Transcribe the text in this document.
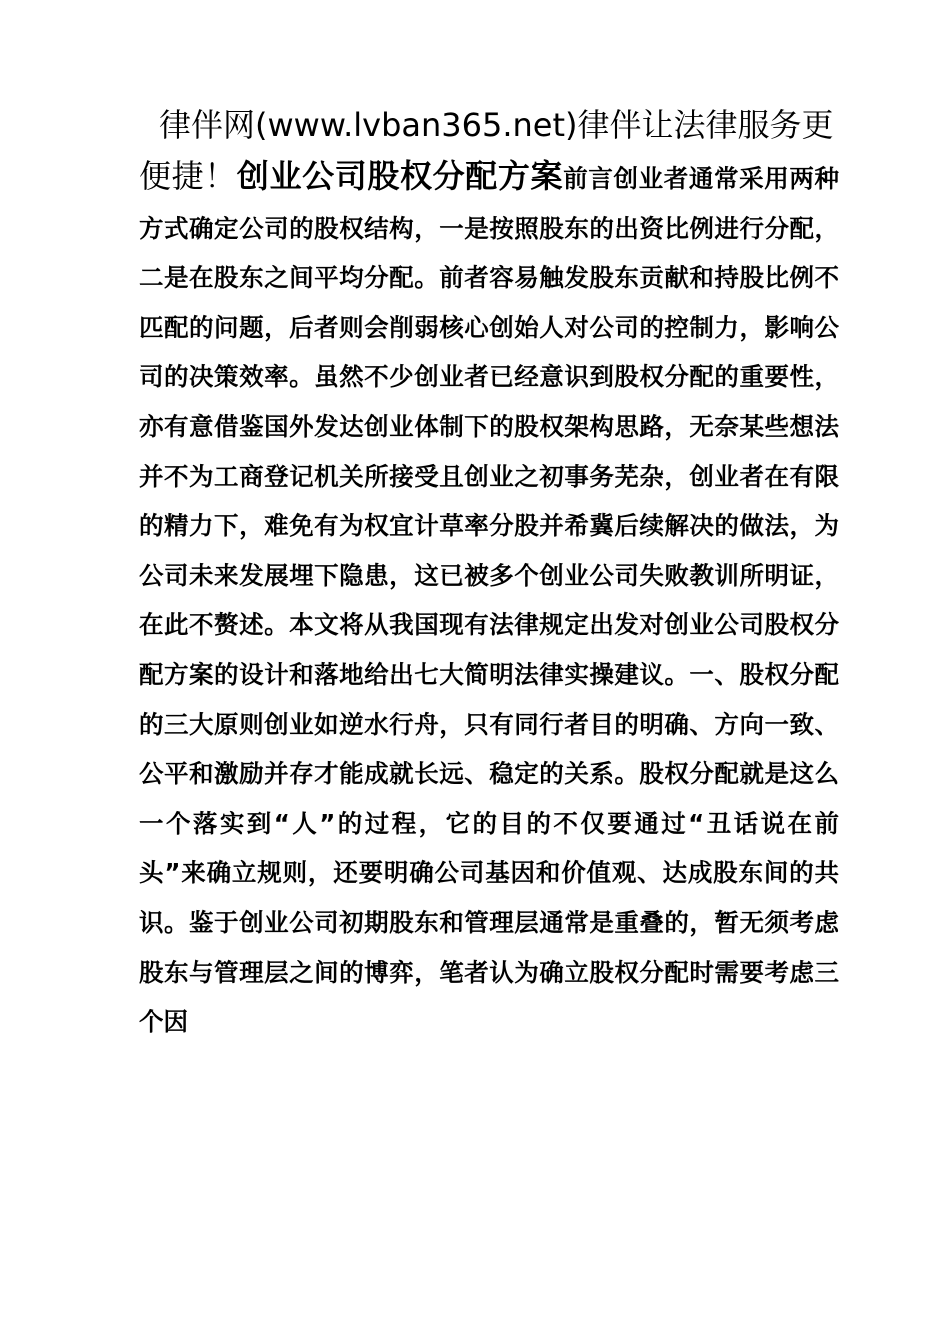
律伴网(www.lvban365.net)律伴让法律服务更

便捷！创业公司股权分配方案前言创业者通常采用两种方式确定公司的股权结构，一是按照股东的出资比例进行分配，二是在股东之间平均分配。前者容易触发股东贡献和持股比例不匹配的问题，后者则会削弱核心创始人对公司的控制力，影响公司的决策效率。虽然不少创业者已经意识到股权分配的重要性，亦有意借鉴国外发达创业体制下的股权架构思路，无奈某些想法并不为工商登记机关所接受且创业之初事务芜杂，创业者在有限的精力下，难免有为权宜计草率分股并希冀后续解决的做法，为公司未来发展埋下隐患，这已被多个创业公司失败教训所明证，在此不赘述。本文将从我国现有法律规定出发对创业公司股权分配方案的设计和落地给出七大简明法律实操建议。一、股权分配的三大原则创业如逆水行舟，只有同行者目的明确、方向一致、公平和激励并存才能成就长远、稳定的关系。股权分配就是这么一个落实到“人”的过程，它的目的不仅要通过“丑话说在前头”来确立规则，还要明确公司基因和价值观、达成股东间的共识。鉴于创业公司初期股东和管理层通常是重叠的，暂无须考虑股东与管理层之间的博弈，笔者认为确立股权分配时需要考虑三个因
